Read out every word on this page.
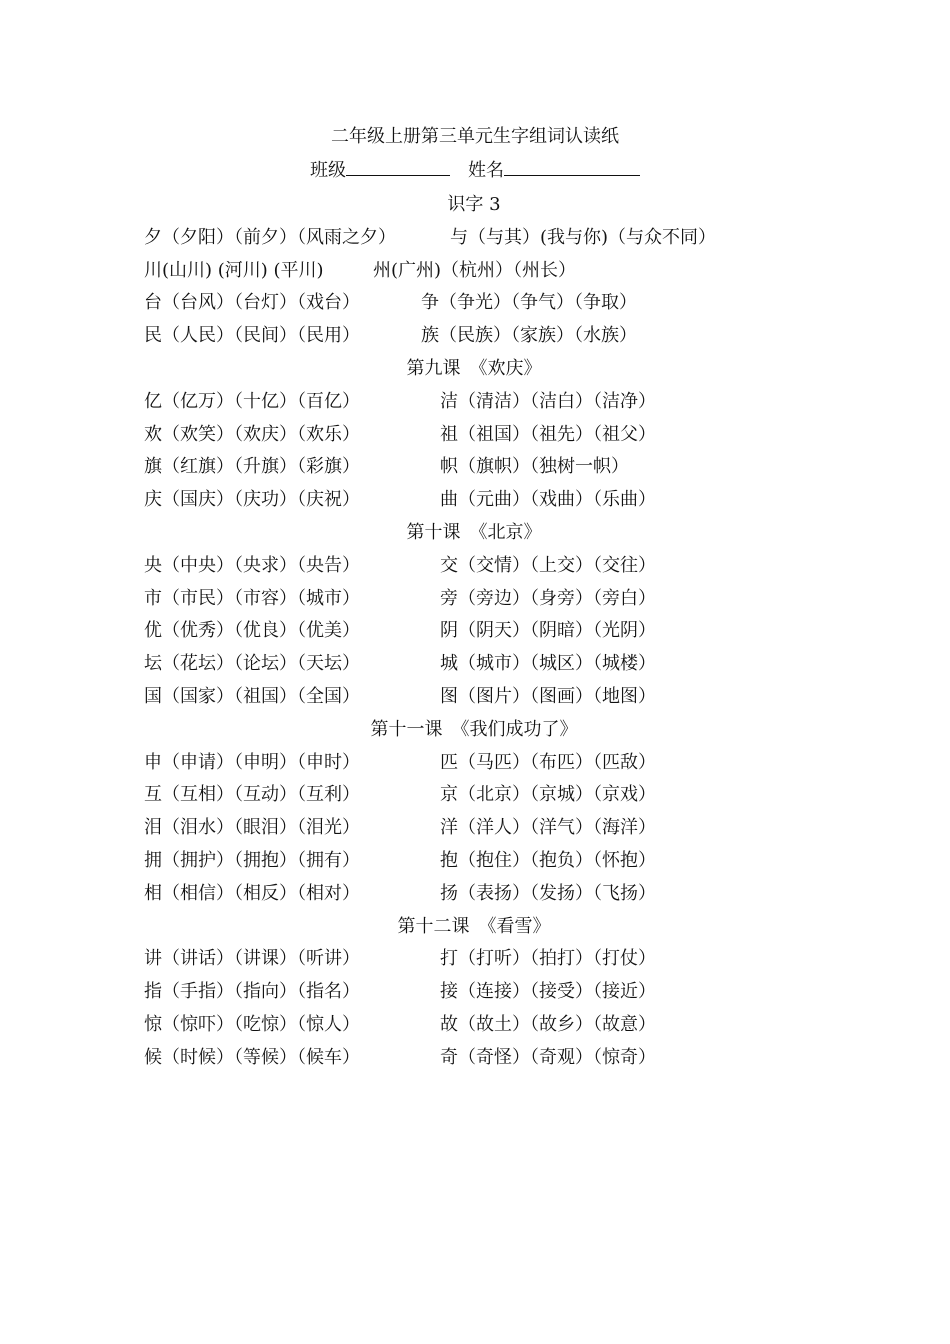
二年级上册第三单元生字组词认读纸
班级	姓名
识字 3
夕（夕阳）（前夕）（风雨之夕）	与（与其）(我与你)（与众不同）
川(山川) (河川) (平川)	州(广州)（杭州）（州长）
台（台风）（台灯）（戏台）	争（争光）（争气）（争取）
民（人民）（民间）（民用）	族（民族）（家族）（水族）
第九课　《欢庆》
亿（亿万）（十亿）（百亿）	洁（清洁）（洁白）（洁净）
欢（欢笑）（欢庆）（欢乐）	祖（祖国）（祖先）（祖父）
旗（红旗）（升旗）（彩旗）	帜（旗帜）（独树一帜）
庆（国庆）（庆功）（庆祝）	曲（元曲）（戏曲）（乐曲）
第十课　《北京》
央（中央）（央求）（央告）	交（交情）（上交）（交往）
市（市民）（市容）（城市）	旁（旁边）（身旁）（旁白）
优（优秀）（优良）（优美）	阴（阴天）（阴暗）（光阴）
坛（花坛）（论坛）（天坛）	城（城市）（城区）（城楼）
国（国家）（祖国）（全国）	图（图片）（图画）（地图）
第十一课　《我们成功了》
申（申请）（申明）（申时）	匹（马匹）（布匹）（匹敌）
互（互相）（互动）（互利）	京（北京）（京城）（京戏）
泪（泪水）（眼泪）（泪光）	洋（洋人）（洋气）（海洋）
拥（拥护）（拥抱）（拥有）	抱（抱住）（抱负）（怀抱）
相（相信）（相反）（相对）	扬（表扬）（发扬）（飞扬）
第十二课　《看雪》
讲（讲话）（讲课）（听讲）	打（打听）（拍打）（打仗）
指（手指）（指向）（指名）	接（连接）（接受）（接近）
惊（惊吓）（吃惊）（惊人）	故（故土）（故乡）（故意）
候（时候）（等候）（候车）	奇（奇怪）（奇观）（惊奇）
